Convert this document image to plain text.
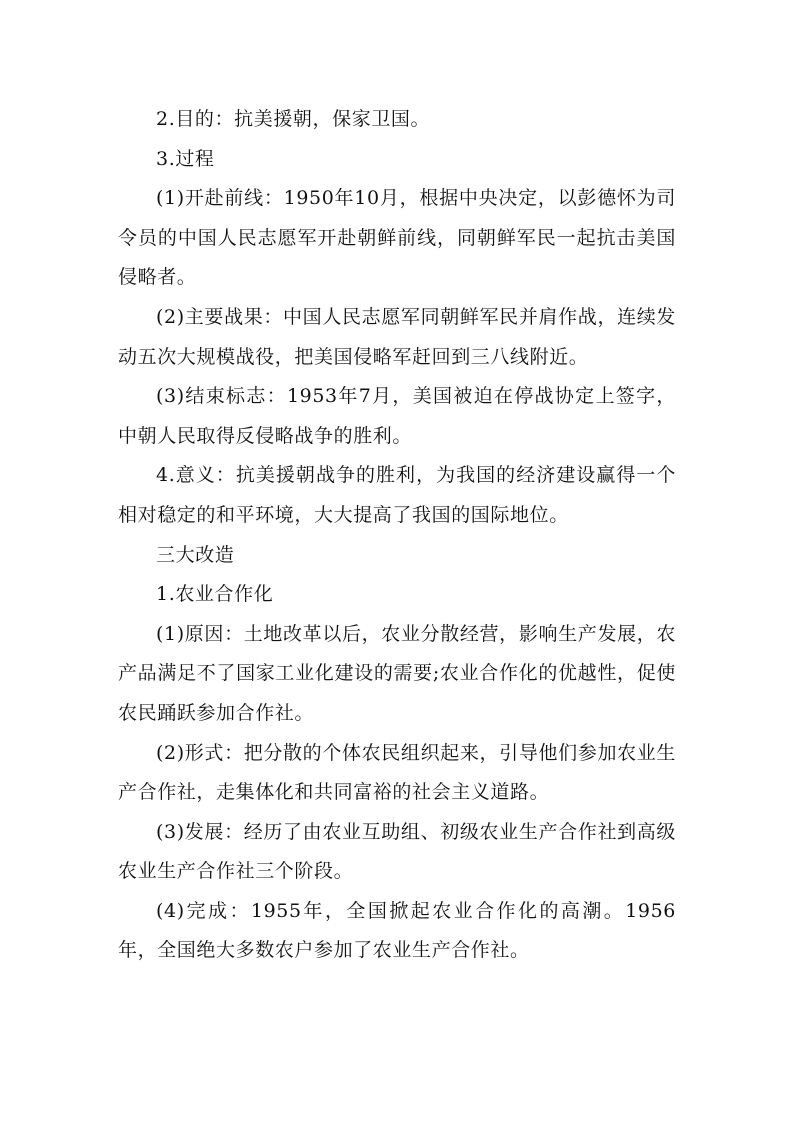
2.目的：抗美援朝，保家卫国。

3.过程

(1)开赴前线：1950年10月，根据中央决定，以彭德怀为司令员的中国人民志愿军开赴朝鲜前线，同朝鲜军民一起抗击美国侵略者。

(2)主要战果：中国人民志愿军同朝鲜军民并肩作战，连续发动五次大规模战役，把美国侵略军赶回到三八线附近。

(3)结束标志：1953年7月，美国被迫在停战协定上签字，中朝人民取得反侵略战争的胜利。

4.意义：抗美援朝战争的胜利，为我国的经济建设赢得一个相对稳定的和平环境，大大提高了我国的国际地位。

三大改造

1.农业合作化

(1)原因：土地改革以后，农业分散经营，影响生产发展，农产品满足不了国家工业化建设的需要;农业合作化的优越性，促使农民踊跃参加合作社。

(2)形式：把分散的个体农民组织起来，引导他们参加农业生产合作社，走集体化和共同富裕的社会主义道路。

(3)发展：经历了由农业互助组、初级农业生产合作社到高级农业生产合作社三个阶段。

(4)完成：1955年，全国掀起农业合作化的高潮。1956年，全国绝大多数农户参加了农业生产合作社。
